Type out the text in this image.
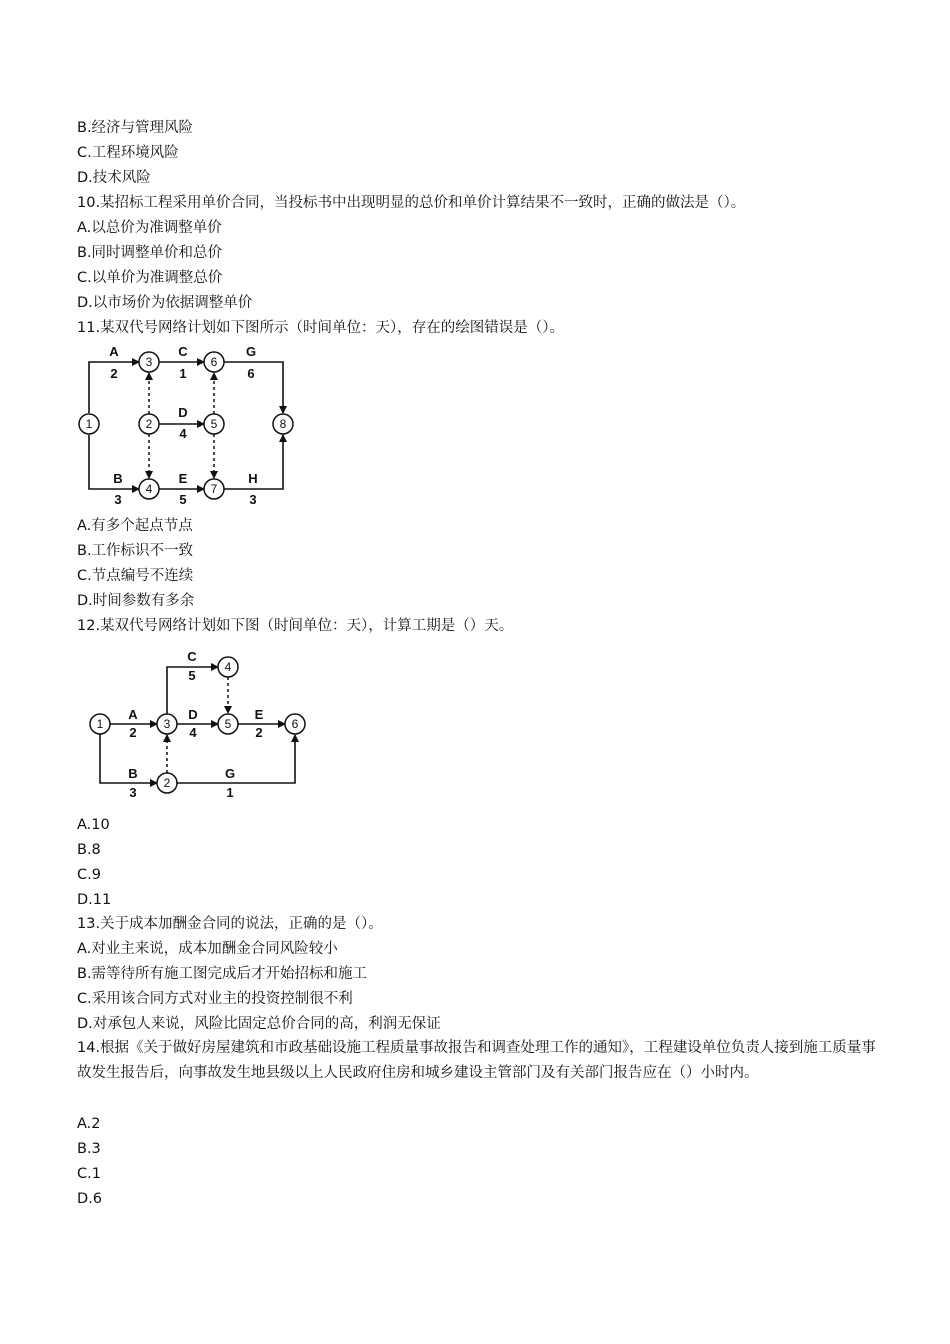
B.经济与管理风险
C.工程环境风险
D.技术风险
10.某招标工程采用单价合同，当投标书中出现明显的总价和单价计算结果不一致时，正确的做法是（）。
A.以总价为准调整单价
B.同时调整单价和总价
C.以单价为准调整总价
D.以市场价为依据调整单价
11.某双代号网络计划如下图所示（时间单位：天），存在的绘图错误是（）。
1	2
3
4
5
6
7
8
A
2
C
1
G
6
D
4
B
3
E
5
H
3
A.有多个起点节点
B.工作标识不一致
C.节点编号不连续
D.时间参数有多余
12.某双代号网络计划如下图（时间单位：天），计算工期是（）天。
1
2
3
4
5	6
C
5
A
2
D
4
E
2
B
3
G
1
A.10
B.8
C.9
D.11
13.关于成本加酬金合同的说法，正确的是（）。
A.对业主来说，成本加酬金合同风险较小
B.需等待所有施工图完成后才开始招标和施工
C.采用该合同方式对业主的投资控制很不利
D.对承包人来说，风险比固定总价合同的高，利润无保证
14.根据《关于做好房屋建筑和市政基础设施工程质量事故报告和调查处理工作的通知》，工程建设单位负责人接到施工质量事故发生报告后，向事故发生地县级以上人民政府住房和城乡建设主管部门及有关部门报告应在（）小时内。
A.2
B.3
C.1
D.6
